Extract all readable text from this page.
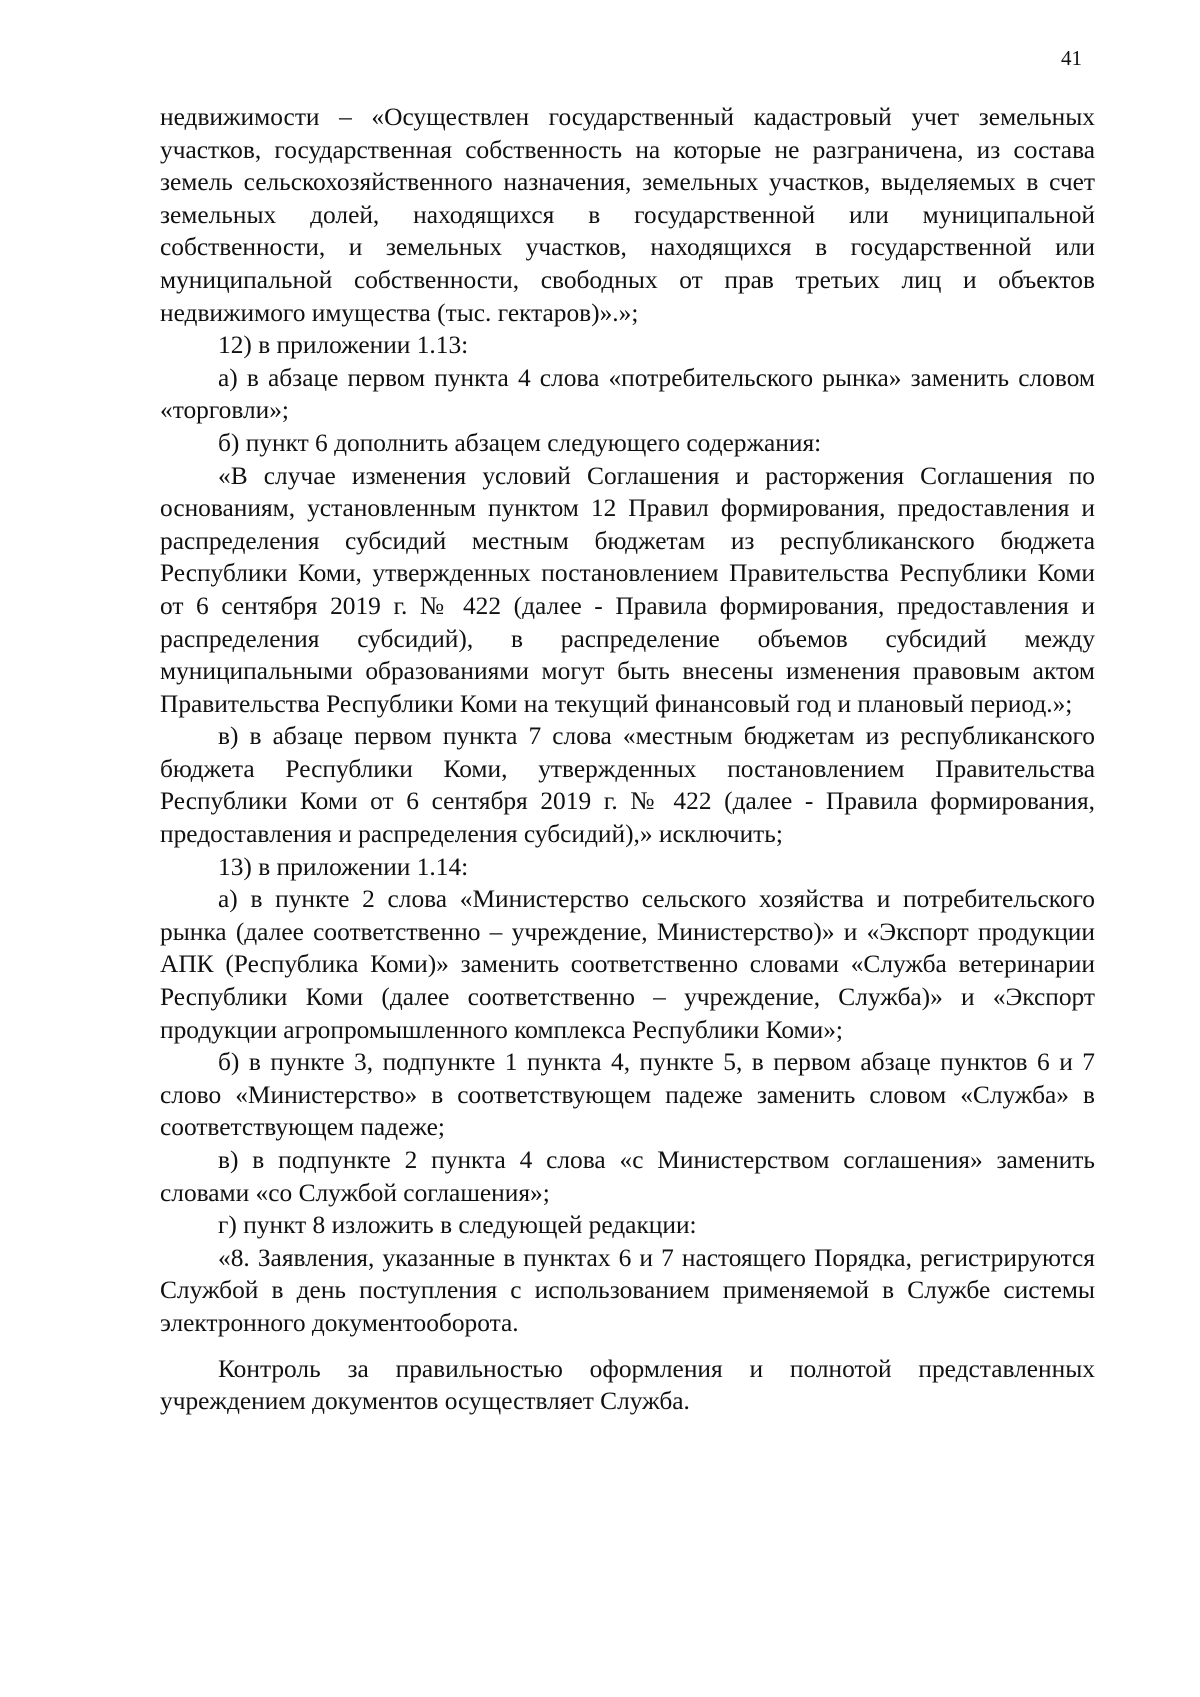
41

недвижимости – «Осуществлен государственный кадастровый учет земельных участков, государственная собственность на которые не разграничена, из состава земель сельскохозяйственного назначения, земельных участков, выделяемых в счет земельных долей, находящихся в государственной или муниципальной собственности, и земельных участков, находящихся в государственной или муниципальной собственности, свободных от прав третьих лиц и объектов недвижимого имущества (тыс. гектаров)».»;

12) в приложении 1.13:

а) в абзаце первом пункта 4 слова «потребительского рынка» заменить словом «торговли»;

б) пункт 6 дополнить абзацем следующего содержания:

«В случае изменения условий Соглашения и расторжения Соглашения по основаниям, установленным пунктом 12 Правил формирования, предоставления и распределения субсидий местным бюджетам из республиканского бюджета Республики Коми, утвержденных постановлением Правительства Республики Коми от 6 сентября 2019 г. № 422 (далее - Правила формирования, предоставления и распределения субсидий), в распределение объемов субсидий между муниципальными образованиями могут быть внесены изменения правовым актом Правительства Республики Коми на текущий финансовый год и плановый период.»;

в) в абзаце первом пункта 7 слова «местным бюджетам из республиканского бюджета Республики Коми, утвержденных постановлением Правительства Республики Коми от 6 сентября 2019 г. № 422 (далее - Правила формирования, предоставления и распределения субсидий),» исключить;

13) в приложении 1.14:

а) в пункте 2 слова «Министерство сельского хозяйства и потребительского рынка (далее соответственно – учреждение, Министерство)» и «Экспорт продукции АПК (Республика Коми)» заменить соответственно словами «Служба ветеринарии Республики Коми (далее соответственно – учреждение, Служба)» и «Экспорт продукции агропромышленного комплекса Республики Коми»;

б) в пункте 3, подпункте 1 пункта 4, пункте 5, в первом абзаце пунктов 6 и 7 слово «Министерство» в соответствующем падеже заменить словом «Служба» в соответствующем падеже;

в) в подпункте 2 пункта 4 слова «с Министерством соглашения» заменить словами «со Службой соглашения»;

г) пункт 8 изложить в следующей редакции:

«8. Заявления, указанные в пунктах 6 и 7 настоящего Порядка, регистрируются Службой в день поступления с использованием применяемой в Службе системы электронного документооборота.

Контроль за правильностью оформления и полнотой представленных учреждением документов осуществляет Служба.
